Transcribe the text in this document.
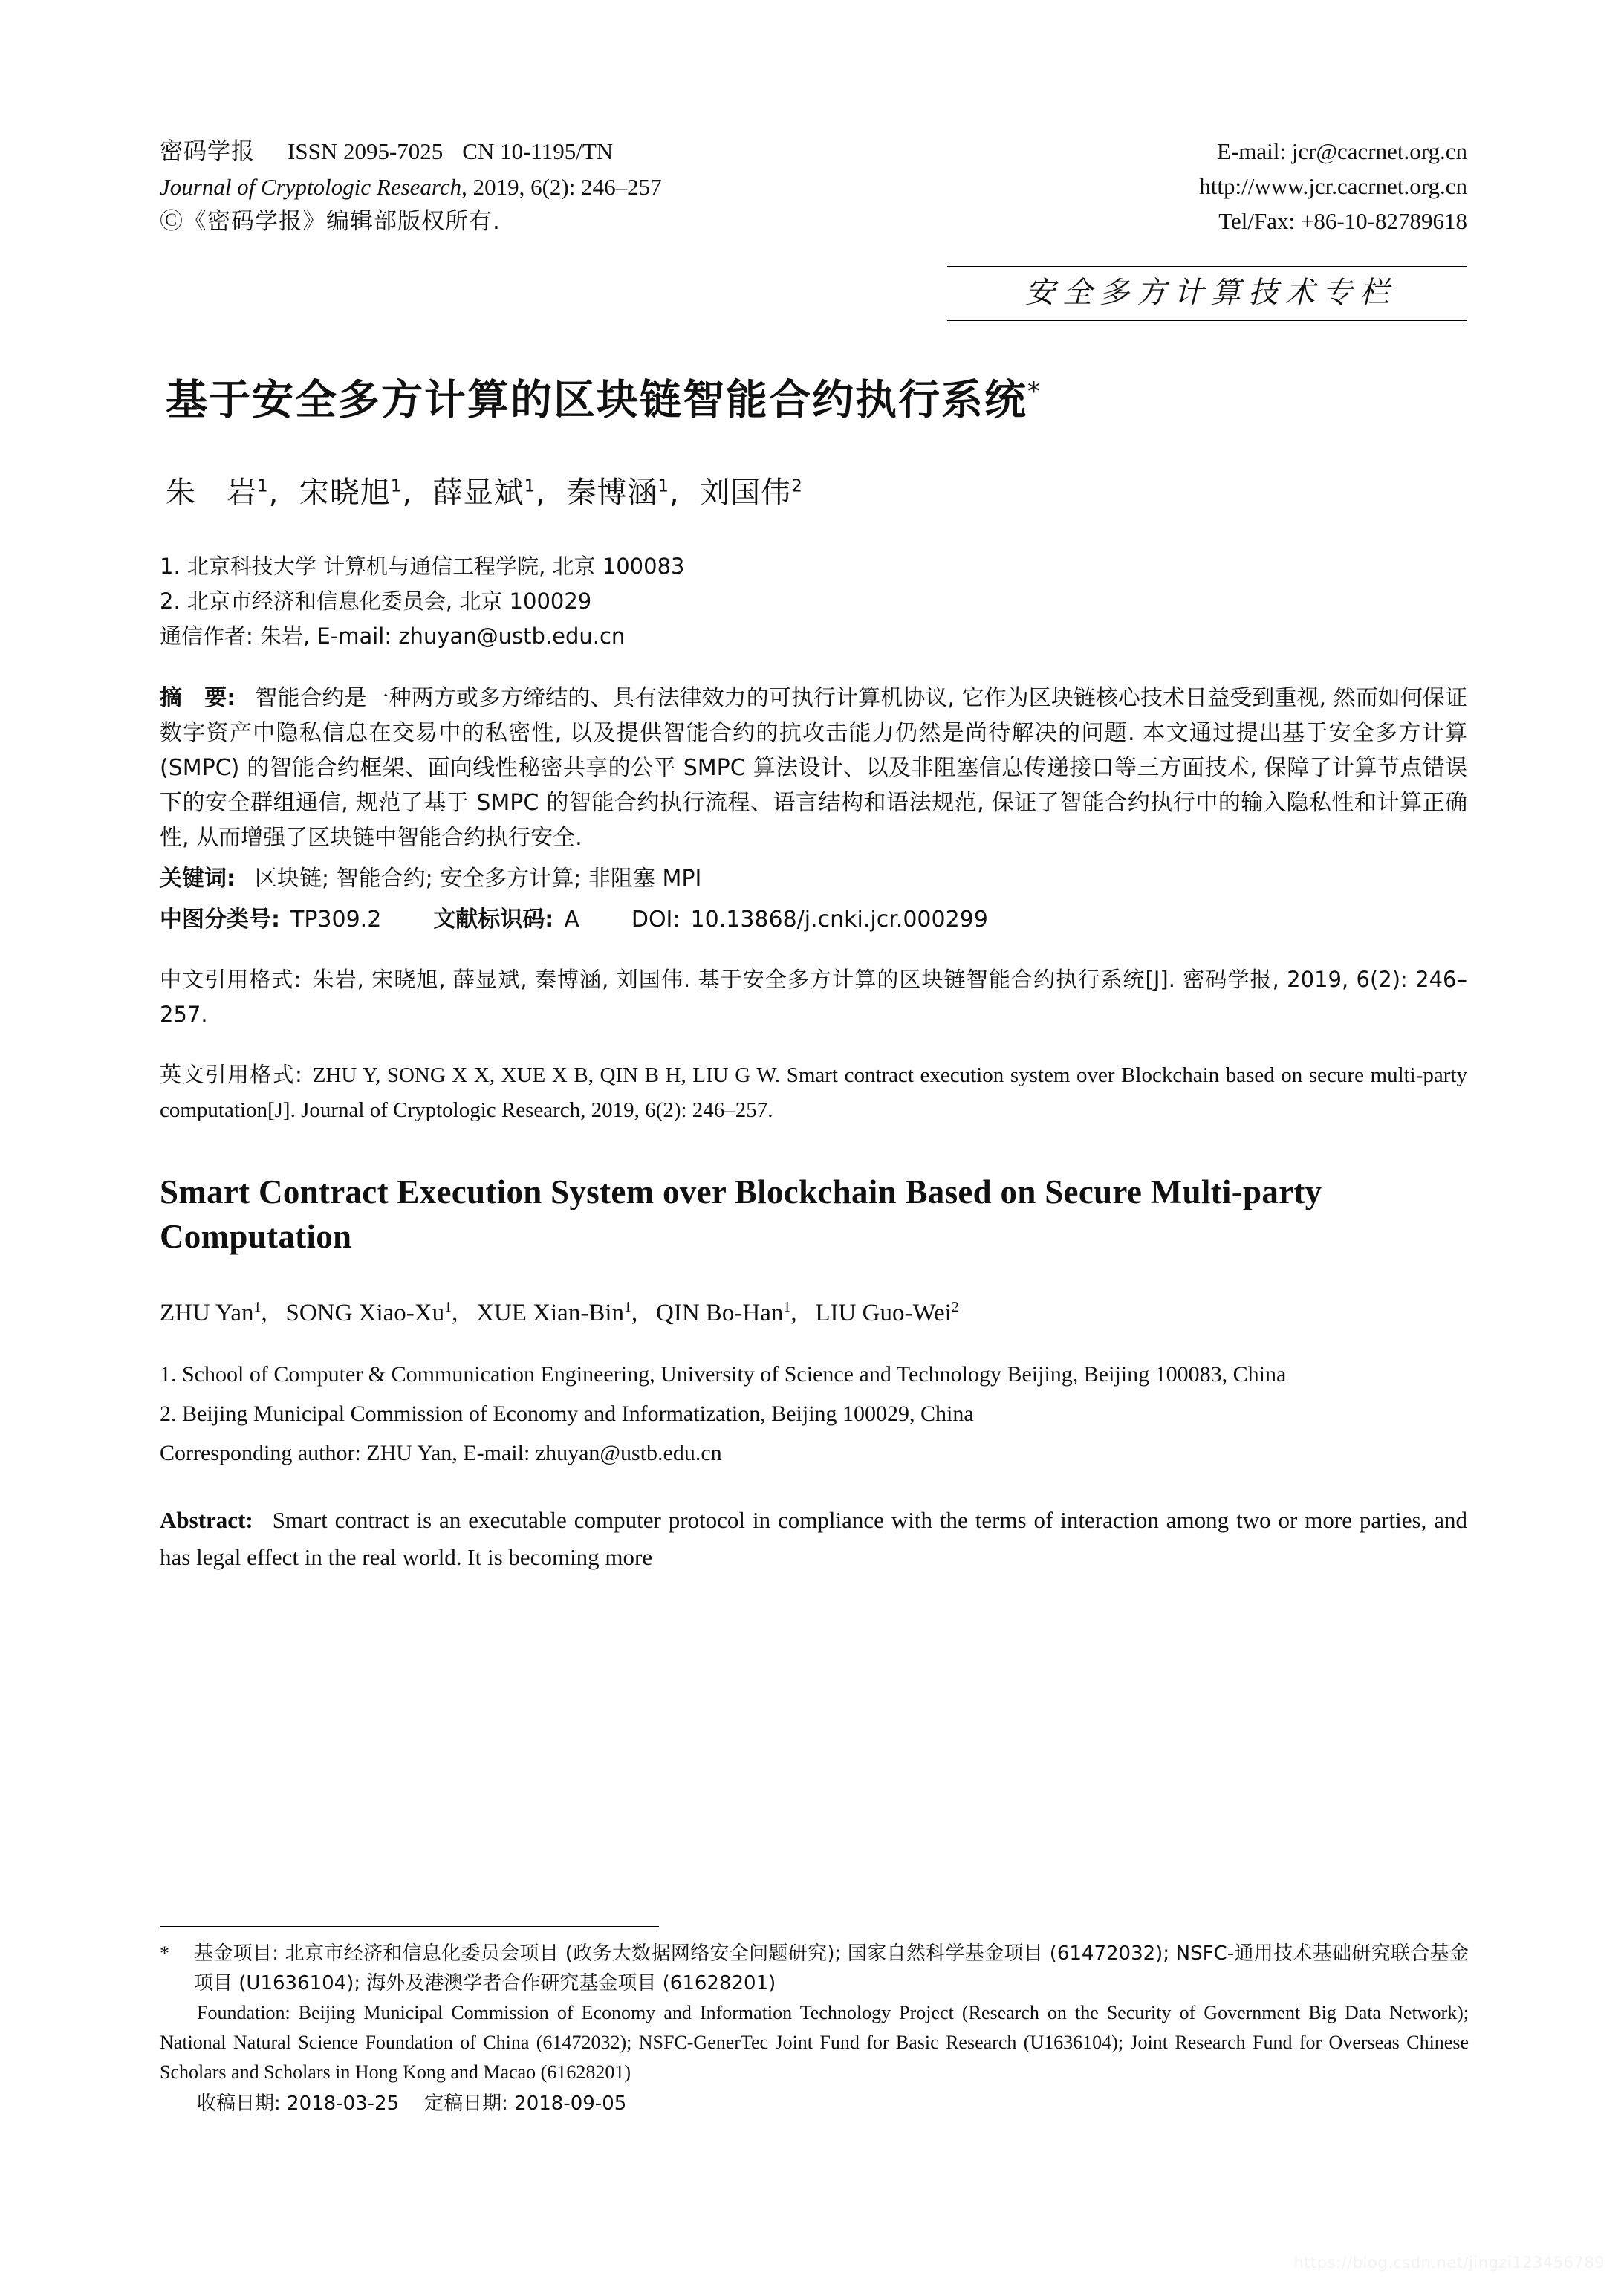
密码学报 ISSN 2095-7025 CN 10-1195/TN
Journal of Cryptologic Research, 2019, 6(2): 246–257
Ⓒ《密码学报》编辑部版权所有.
E-mail: jcr@cacrnet.org.cn
http://www.jcr.cacrnet.org.cn
Tel/Fax: +86-10-82789618
安全多方计算技术专栏
基于安全多方计算的区块链智能合约执行系统*
朱　岩$^1$,  宋晓旭$^1$,  薛显斌$^1$,  秦博涵$^1$,  刘国伟$^2$
1. 北京科技大学 计算机与通信工程学院, 北京 100083
2. 北京市经济和信息化委员会, 北京 100029
通信作者: 朱岩, E-mail: zhuyan@ustb.edu.cn
摘　要: 智能合约是一种两方或多方缔结的、具有法律效力的可执行计算机协议, 它作为区块链核心技术日益受到重视, 然而如何保证数字资产中隐私信息在交易中的私密性, 以及提供智能合约的抗攻击能力仍然是尚待解决的问题. 本文通过提出基于安全多方计算 (SMPC) 的智能合约框架、面向线性秘密共享的公平 SMPC 算法设计、以及非阻塞信息传递接口等三方面技术, 保障了计算节点错误下的安全群组通信, 规范了基于 SMPC 的智能合约执行流程、语言结构和语法规范, 保证了智能合约执行中的输入隐私性和计算正确性, 从而增强了区块链中智能合约执行安全.
关键词: 区块链; 智能合约; 安全多方计算; 非阻塞 MPI
中图分类号: TP309.2 文献标识码: A DOI: 10.13868/j.cnki.jcr.000299
中文引用格式: 朱岩, 宋晓旭, 薛显斌, 秦博涵, 刘国伟. 基于安全多方计算的区块链智能合约执行系统[J]. 密码学报, 2019, 6(2): 246–257.
英文引用格式: ZHU Y, SONG X X, XUE X B, QIN B H, LIU G W. Smart contract execution system over Blockchain based on secure multi-party computation[J]. Journal of Cryptologic Research, 2019, 6(2): 246–257.
Smart Contract Execution System over Blockchain Based on Secure Multi-party Computation
ZHU Yan$^1$,   SONG Xiao-Xu$^1$,   XUE Xian-Bin$^1$,   QIN Bo-Han$^1$,   LIU Guo-Wei$^2$
1. School of Computer & Communication Engineering, University of Science and Technology Beijing, Beijing 100083, China
2. Beijing Municipal Commission of Economy and Informatization, Beijing 100029, China
Corresponding author: ZHU Yan, E-mail: zhuyan@ustb.edu.cn
Abstract: Smart contract is an executable computer protocol in compliance with the terms of interaction among two or more parties, and has legal effect in the real world. It is becoming more
*	基金项目: 北京市经济和信息化委员会项目 (政务大数据网络安全问题研究); 国家自然科学基金项目 (61472032); NSFC-通用技术基础研究联合基金项目 (U1636104); 海外及港澳学者合作研究基金项目 (61628201)
Foundation: Beijing Municipal Commission of Economy and Information Technology Project (Research on the Security of Government Big Data Network); National Natural Science Foundation of China (61472032); NSFC-GenerTec Joint Fund for Basic Research (U1636104); Joint Research Fund for Overseas Chinese Scholars and Scholars in Hong Kong and Macao (61628201)
收稿日期: 2018-03-25 定稿日期: 2018-09-05
https://blog.csdn.net/jingzi123456789
